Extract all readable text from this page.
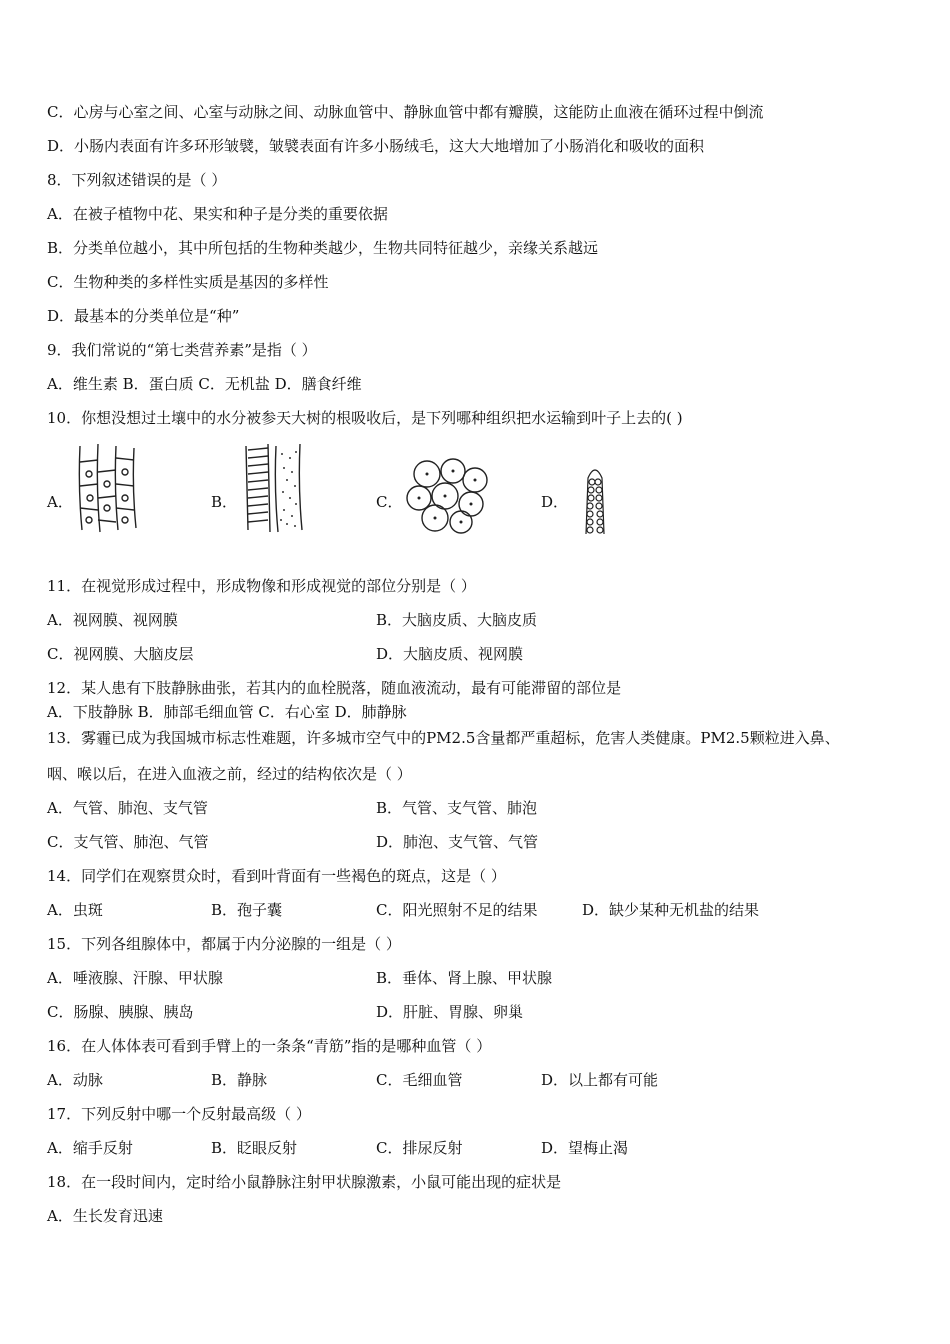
C．心房与心室之间、心室与动脉之间、动脉血管中、静脉血管中都有瓣膜，这能防止血液在循环过程中倒流
D．小肠内表面有许多环形皱襞，皱襞表面有许多小肠绒毛，这大大地增加了小肠消化和吸收的面积
8．下列叙述错误的是（ ）
A．在被子植物中花、果实和种子是分类的重要依据
B．分类单位越小，其中所包括的生物种类越少，生物共同特征越少，亲缘关系越远
C．生物种类的多样性实质是基因的多样性
D．最基本的分类单位是“种”
9．我们常说的“第七类营养素”是指（ ）
A．维生素 B．蛋白质 C．无机盐 D．膳食纤维
10．你想没想过土壤中的水分被参天大树的根吸收后，是下列哪种组织把水运输到叶子上去的( )
A．	B．	C．	D．
11．在视觉形成过程中，形成物像和形成视觉的部位分别是（ ）
A．视网膜、视网膜	B．大脑皮质、大脑皮质
C．视网膜、大脑皮层	D．大脑皮质、视网膜
12．某人患有下肢静脉曲张，若其内的血栓脱落，随血液流动，最有可能滞留的部位是
A．下肢静脉 B．肺部毛细血管 C．右心室 D．肺静脉
13．雾霾已成为我国城市标志性难题，许多城市空气中的PM2.5含量都严重超标，危害人类健康。PM2.5颗粒进入鼻、
咽、喉以后，在进入血液之前，经过的结构依次是（ ）
A．气管、肺泡、支气管	B．气管、支气管、肺泡
C．支气管、肺泡、气管	D．肺泡、支气管、气管
14．同学们在观察贯众时，看到叶背面有一些褐色的斑点，这是（ ）
A．虫斑	B．孢子囊	C．阳光照射不足的结果	D．缺少某种无机盐的结果
15．下列各组腺体中，都属于内分泌腺的一组是（ ）
A．唾液腺、汗腺、甲状腺	B．垂体、肾上腺、甲状腺
C．肠腺、胰腺、胰岛	D．肝脏、胃腺、卵巢
16．在人体体表可看到手臂上的一条条“青筋”指的是哪种血管（ ）
A．动脉	B．静脉	C．毛细血管	D．以上都有可能
17．下列反射中哪一个反射最高级（ ）
A．缩手反射	B．眨眼反射	C．排尿反射	D．望梅止渴
18．在一段时间内，定时给小鼠静脉注射甲状腺激素，小鼠可能出现的症状是
A．生长发育迅速
